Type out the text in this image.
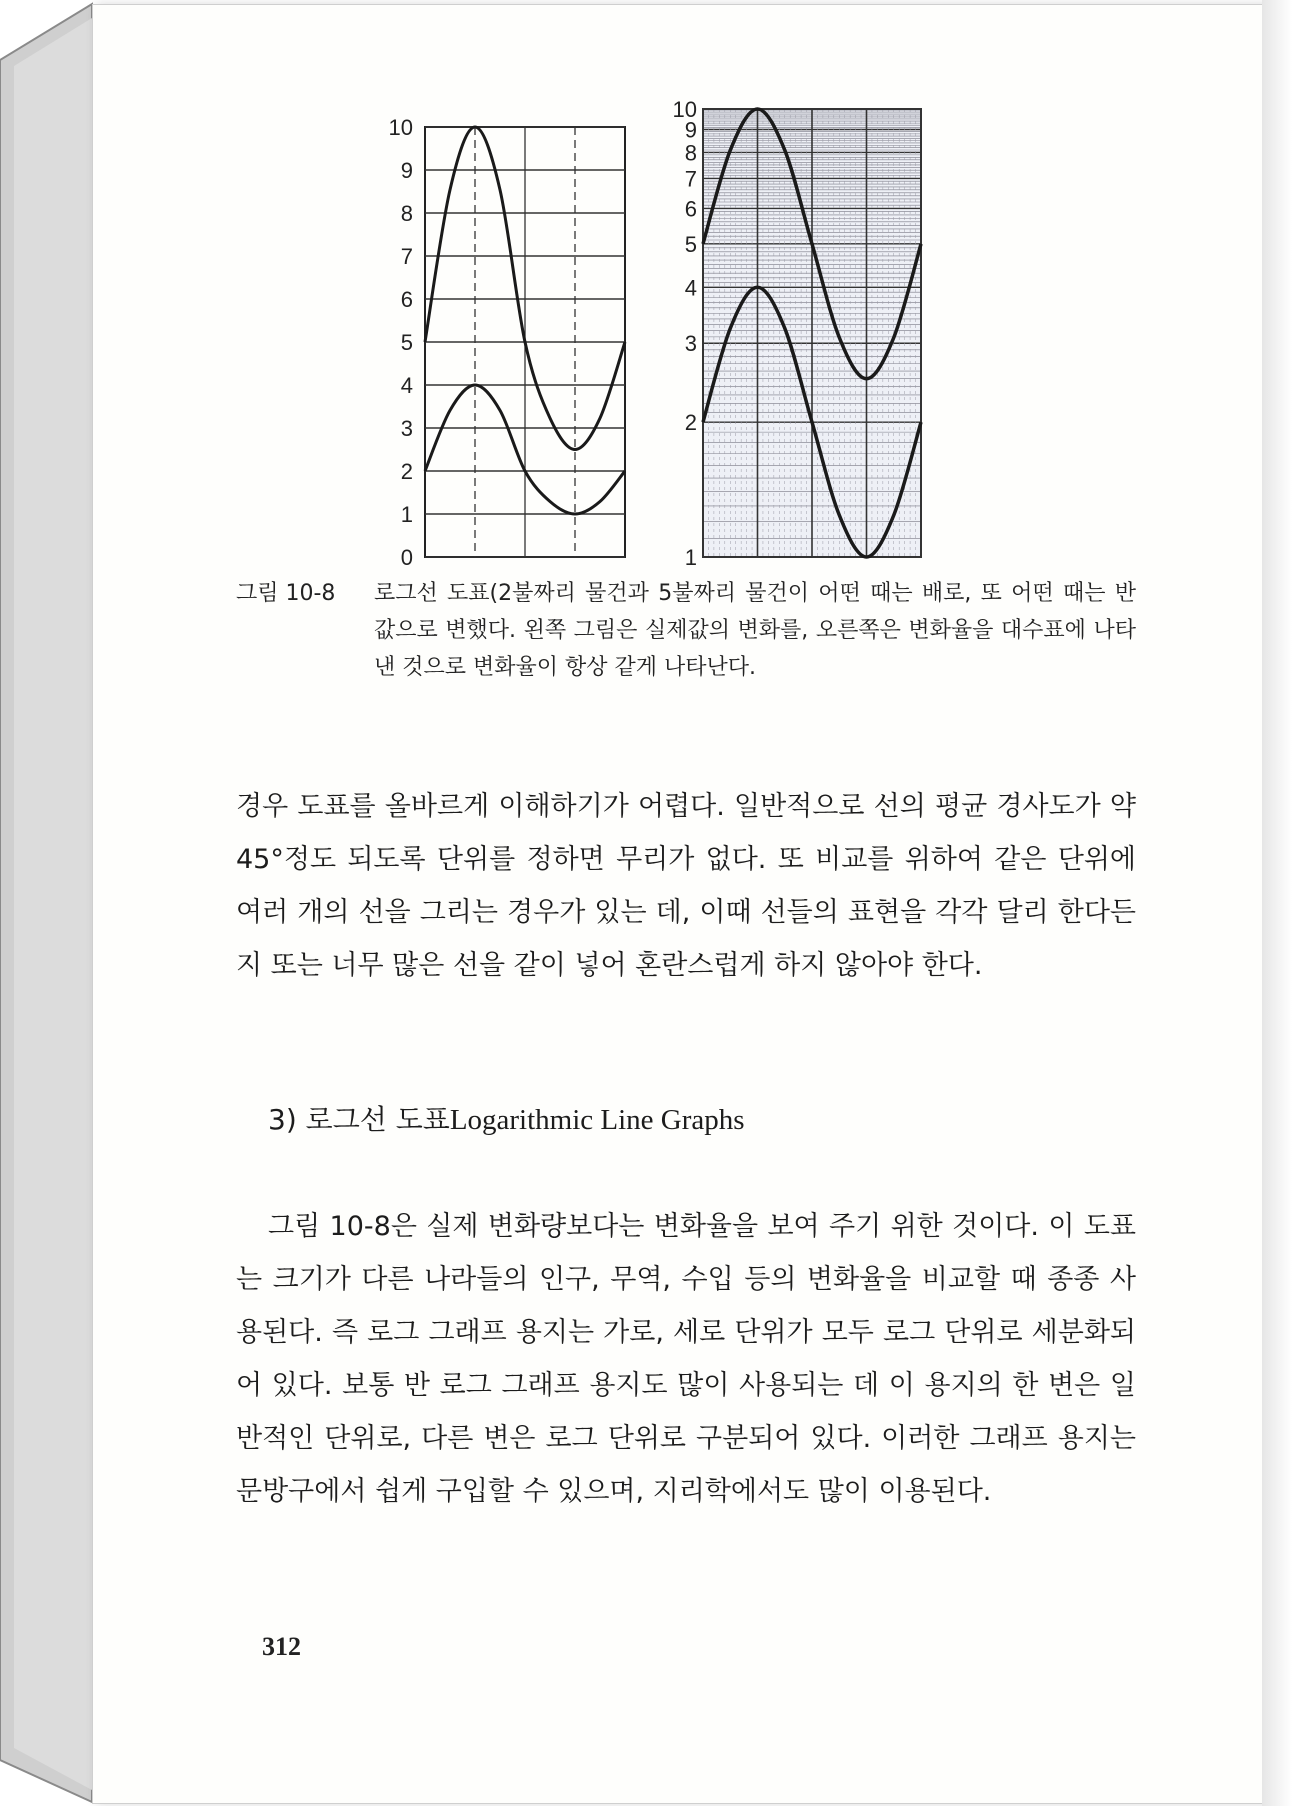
0
1
2
3
4
5
6
7
8
9
10
1
2
3
4
5
6
7
8
9
10
그림 10-8	로그선 도표(2불짜리 물건과 5불짜리 물건이 어떤 때는 배로, 또 어떤 때는 반 값으로 변했다. 왼쪽 그림은 실제값의 변화를, 오른쪽은 변화율을 대수표에 나타낸 것으로 변화율이 항상 같게 나타난다.
경우 도표를 올바르게 이해하기가 어렵다. 일반적으로 선의 평균 경사도가 약 45°정도 되도록 단위를 정하면 무리가 없다. 또 비교를 위하여 같은 단위에 여러 개의 선을 그리는 경우가 있는 데, 이때 선들의 표현을 각각 달리 한다든지 또는 너무 많은 선을 같이 넣어 혼란스럽게 하지 않아야 한다.
3) 로그선 도표Logarithmic Line Graphs
그림 10-8은 실제 변화량보다는 변화율을 보여 주기 위한 것이다. 이 도표는 크기가 다른 나라들의 인구, 무역, 수입 등의 변화율을 비교할 때 종종 사용된다. 즉 로그 그래프 용지는 가로, 세로 단위가 모두 로그 단위로 세분화되어 있다. 보통 반 로그 그래프 용지도 많이 사용되는 데 이 용지의 한 변은 일반적인 단위로, 다른 변은 로그 단위로 구분되어 있다. 이러한 그래프 용지는 문방구에서 쉽게 구입할 수 있으며, 지리학에서도 많이 이용된다.
312
